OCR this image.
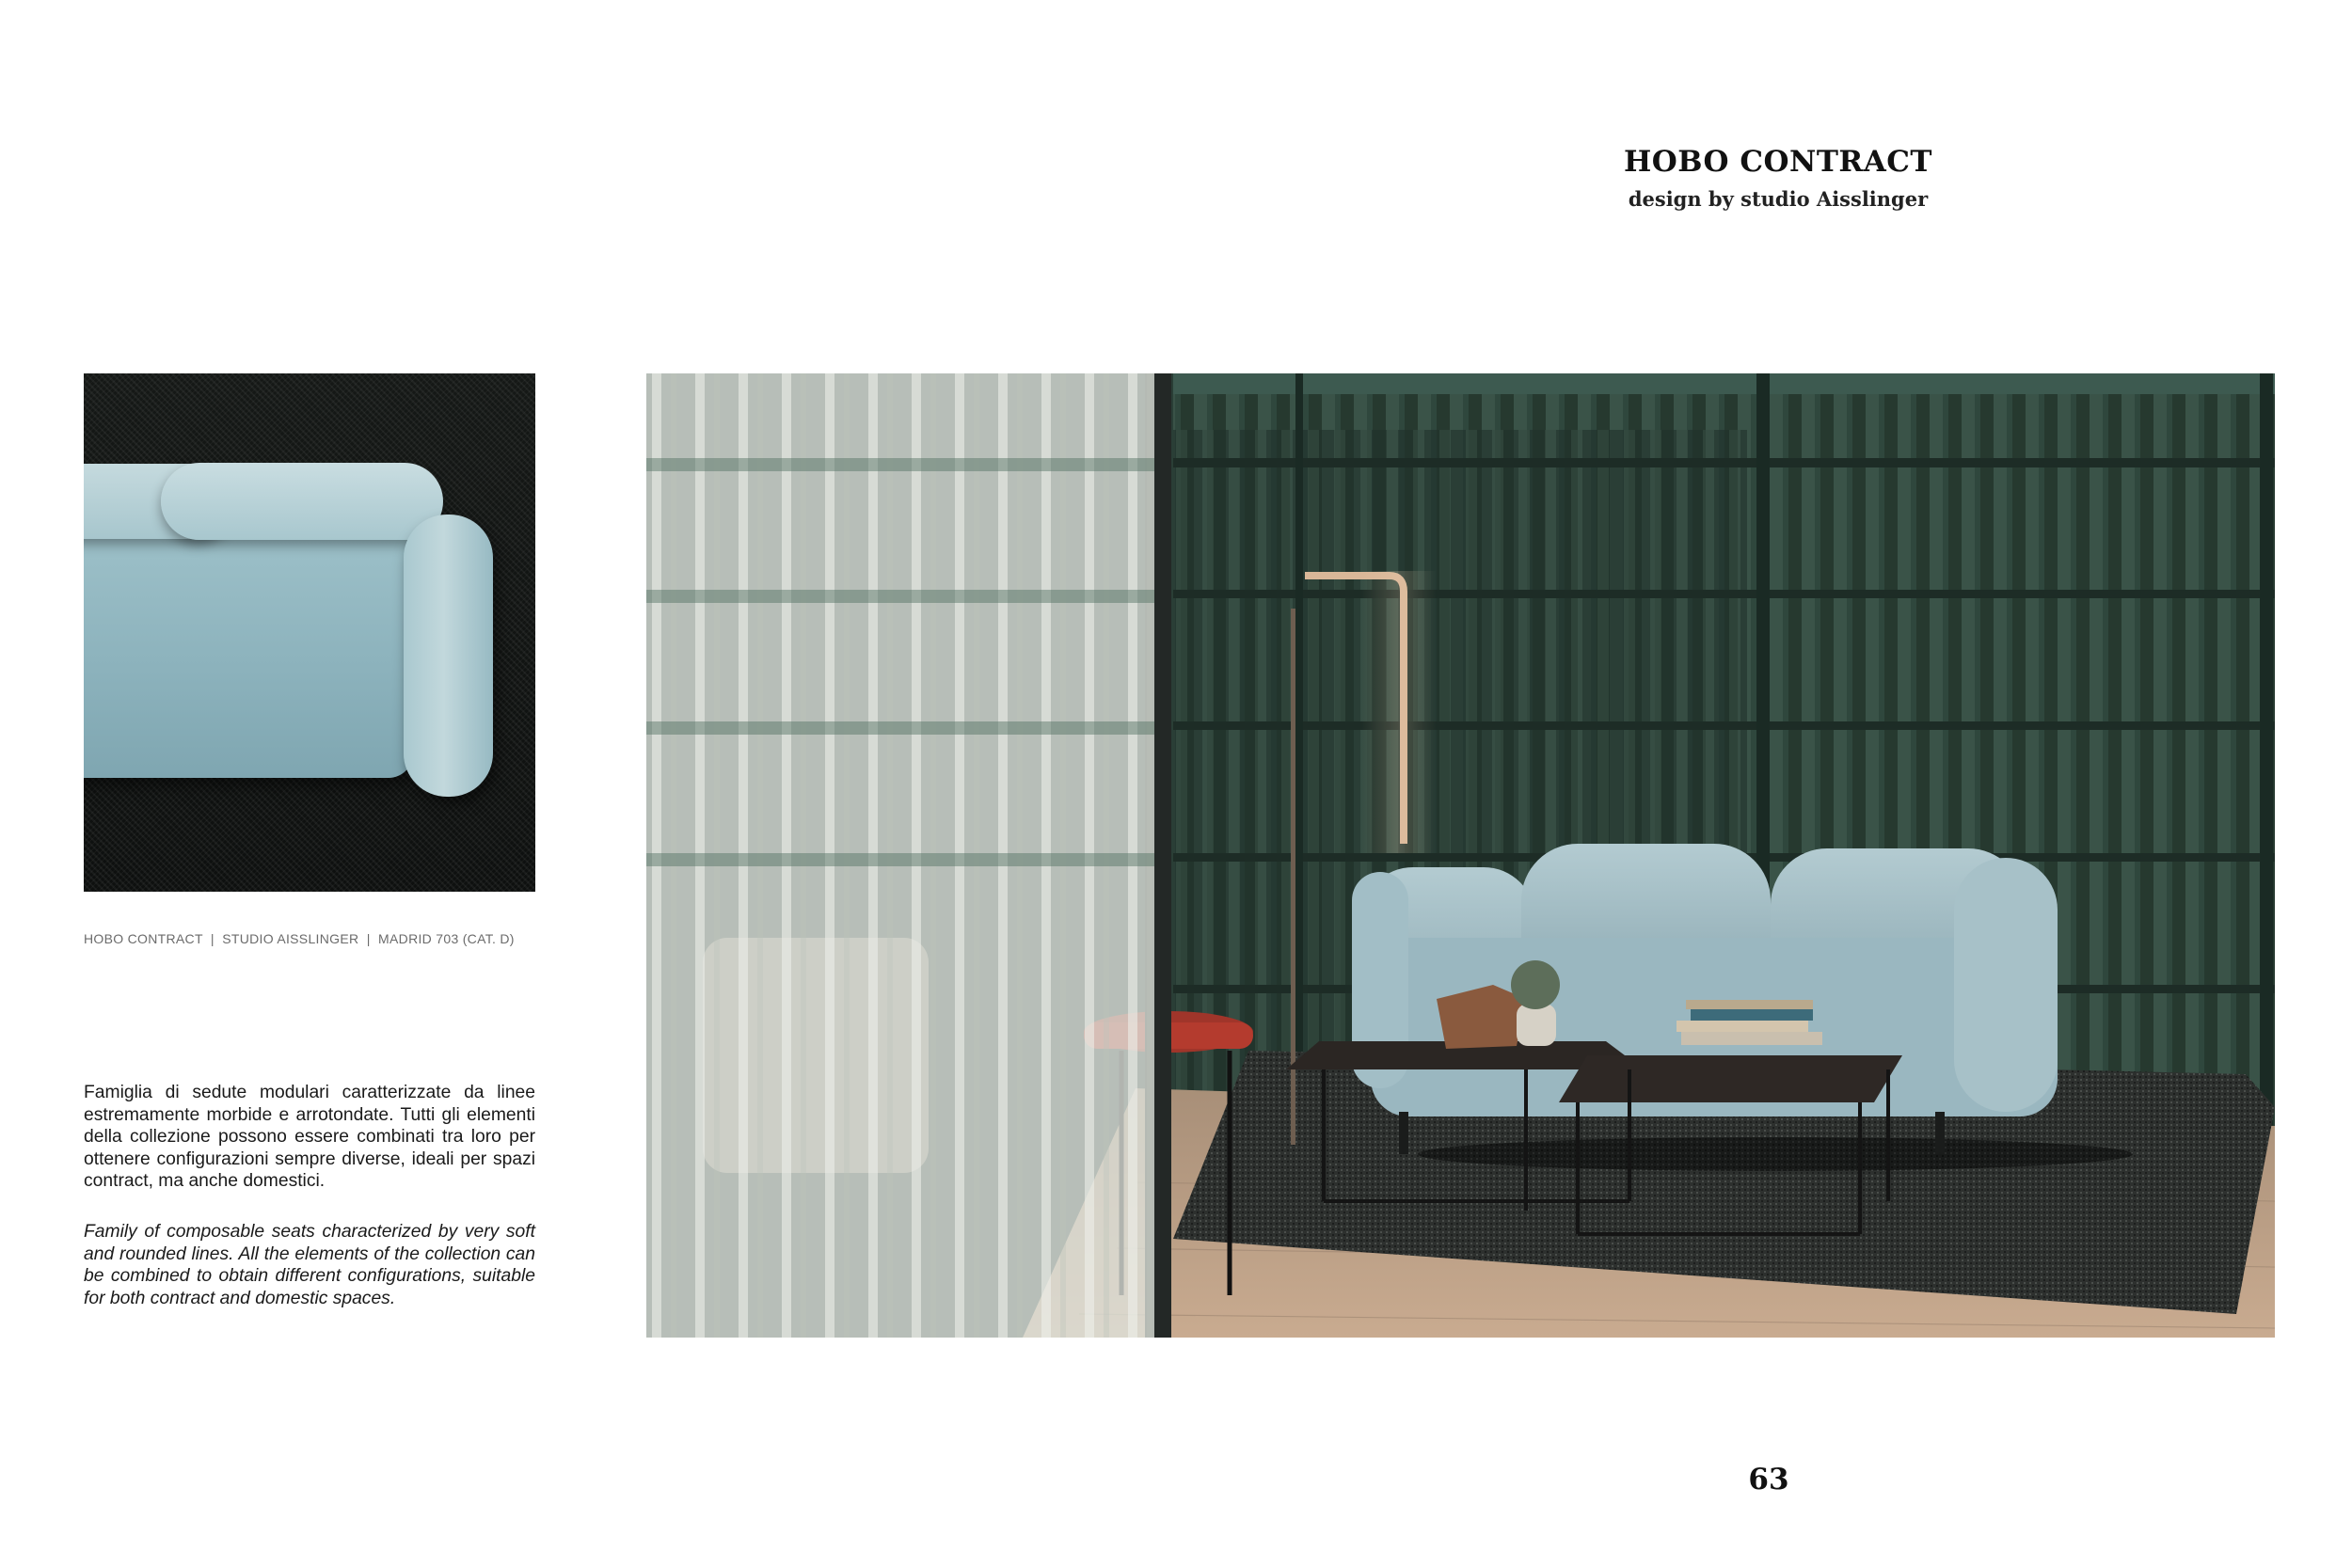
HOBO CONTRACT
design by studio Aisslinger
HOBO CONTRACT  |  STUDIO AISSLINGER  |  MADRID 703 (CAT. D)
Famiglia di sedute modulari caratterizzate da linee estremamente morbide e arrotondate. Tutti gli elementi della collezione possono essere combinati tra loro per ottenere configurazioni sempre diverse, ideali per spazi contract, ma anche domestici.
Family of composable seats characterized by very soft and rounded lines. All the elements of the collection can be combined to obtain different configurations, suitable for both contract and domestic spaces.
63
